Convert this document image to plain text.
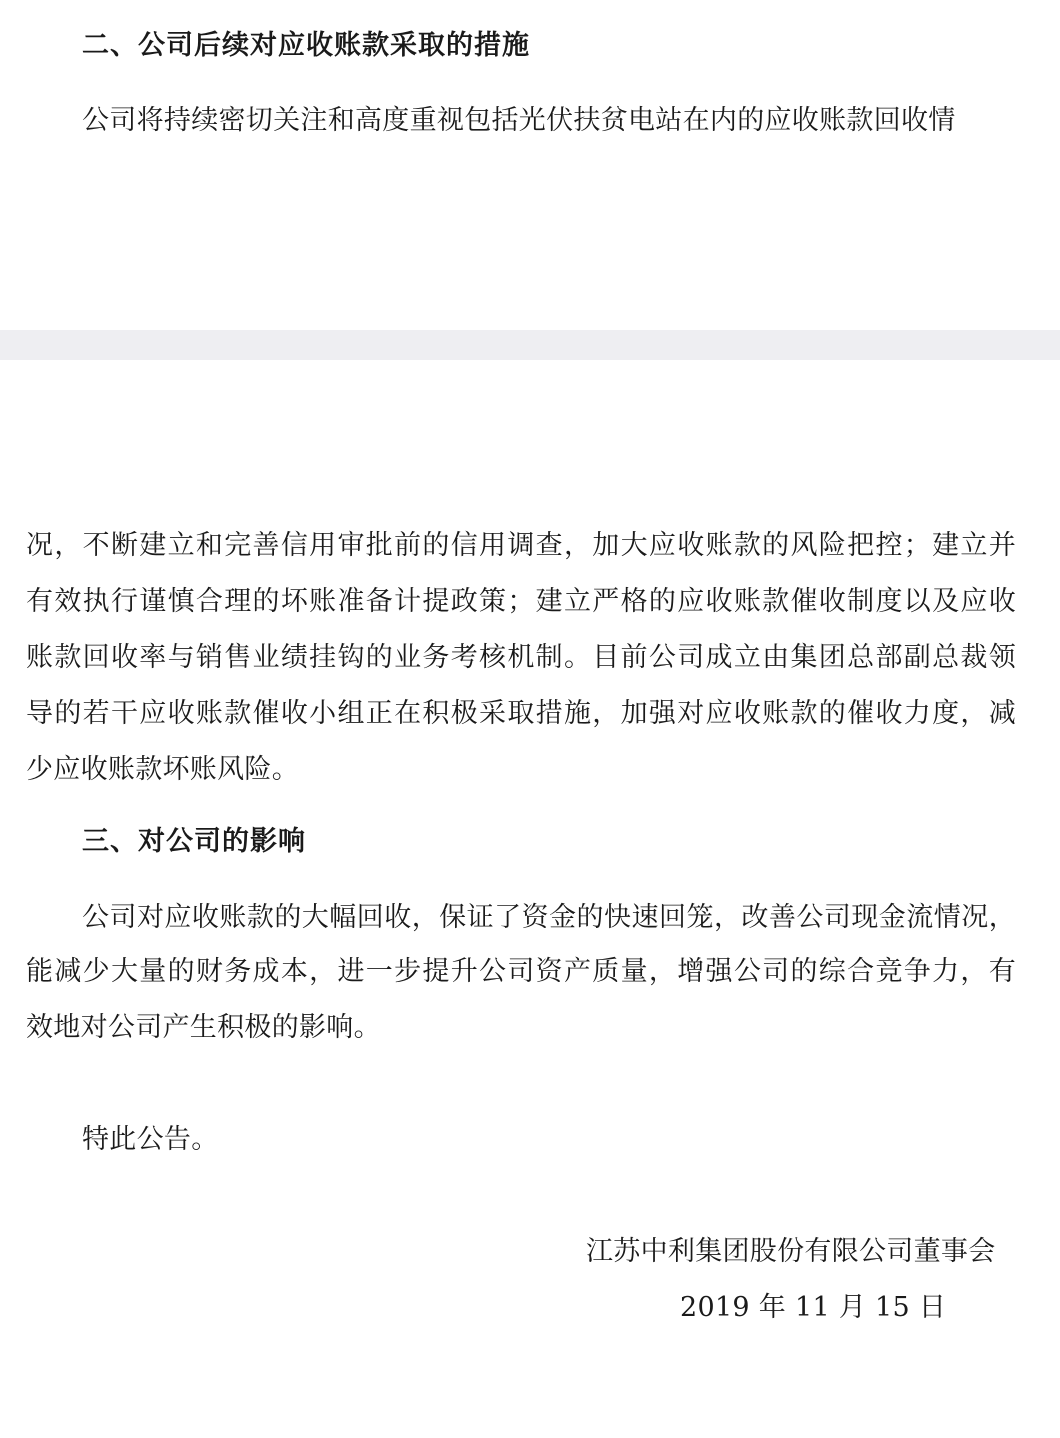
二、公司后续对应收账款采取的措施
公司将持续密切关注和高度重视包括光伏扶贫电站在内的应收账款回收情
况，不断建立和完善信用审批前的信用调查，加大应收账款的风险把控；建立并
有效执行谨慎合理的坏账准备计提政策；建立严格的应收账款催收制度以及应收
账款回收率与销售业绩挂钩的业务考核机制。目前公司成立由集团总部副总裁领
导的若干应收账款催收小组正在积极采取措施，加强对应收账款的催收力度，减
少应收账款坏账风险。
三、对公司的影响
公司对应收账款的大幅回收，保证了资金的快速回笼，改善公司现金流情况，
能减少大量的财务成本，进一步提升公司资产质量，增强公司的综合竞争力，有
效地对公司产生积极的影响。
特此公告。
江苏中利集团股份有限公司董事会
2019 年 11 月 15 日
